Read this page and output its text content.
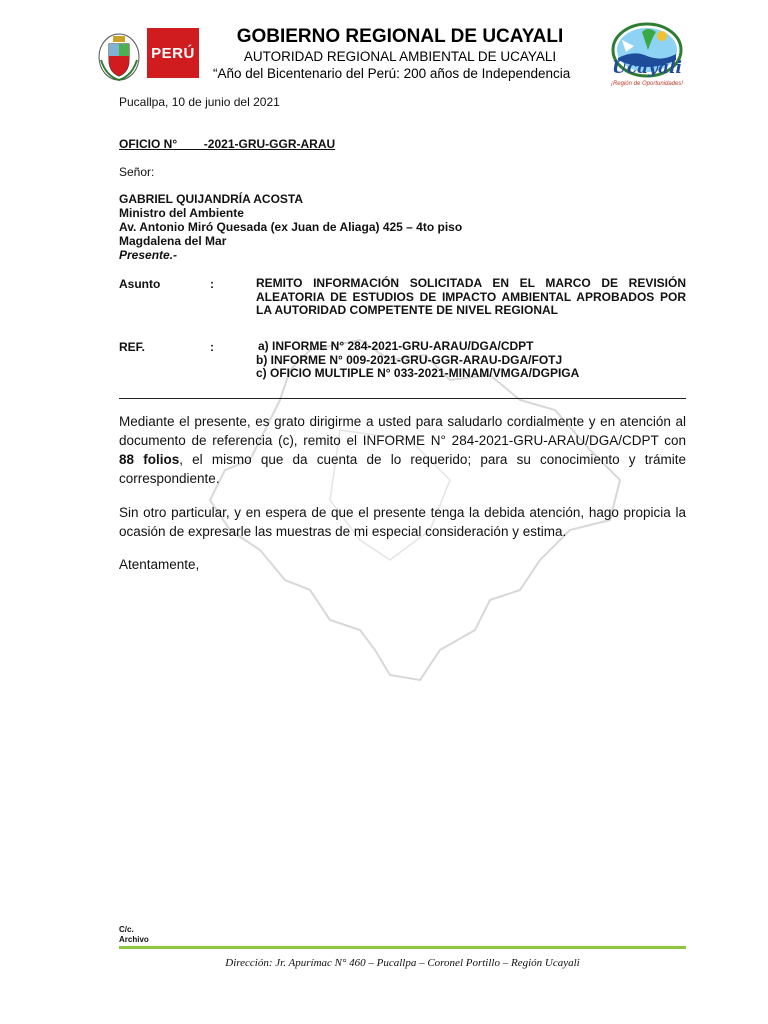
PERÚ
GOBIERNO REGIONAL DE UCAYALI
AUTORIDAD REGIONAL AMBIENTAL DE UCAYALI
“Año del Bicentenario del Perú: 200 años de Independencia	Ucayali
¡Región de Oportunidades!
Pucallpa, 10 de junio del 2021
OFICIO N°        -2021-GRU-GGR-ARAU
Señor:
GABRIEL QUIJANDRÍA ACOSTA
Ministro del Ambiente
Av. Antonio Miró Quesada (ex Juan de Aliaga) 425 – 4to piso
Magdalena del Mar
Presente.-
Asunto	:	REMITO INFORMACIÓN SOLICITADA EN EL MARCO DE REVISIÓN ALEATORIA DE ESTUDIOS DE IMPACTO AMBIENTAL APROBADOS POR LA AUTORIDAD COMPETENTE DE NIVEL REGIONAL
REF.	:	a) INFORME N° 284-2021-GRU-ARAU/DGA/CDPT
b) INFORME N° 009-2021-GRU-GGR-ARAU-DGA/FOTJ
c) OFICIO MULTIPLE N° 033-2021-MINAM/VMGA/DGPIGA
Mediante el presente, es grato dirigirme a usted para saludarlo cordialmente y en atención al documento de referencia (c), remito el INFORME N° 284-2021-GRU-ARAU/DGA/CDPT con 88 folios, el mismo que da cuenta de lo requerido; para su conocimiento y trámite correspondiente.
Sin otro particular, y en espera de que el presente tenga la debida atención, hago propicia la ocasión de expresarle las muestras de mi especial consideración y estima.
Atentamente,
C/c.
Archivo
Dirección: Jr. Apurímac N° 460 – Pucallpa – Coronel Portillo – Región Ucayali
